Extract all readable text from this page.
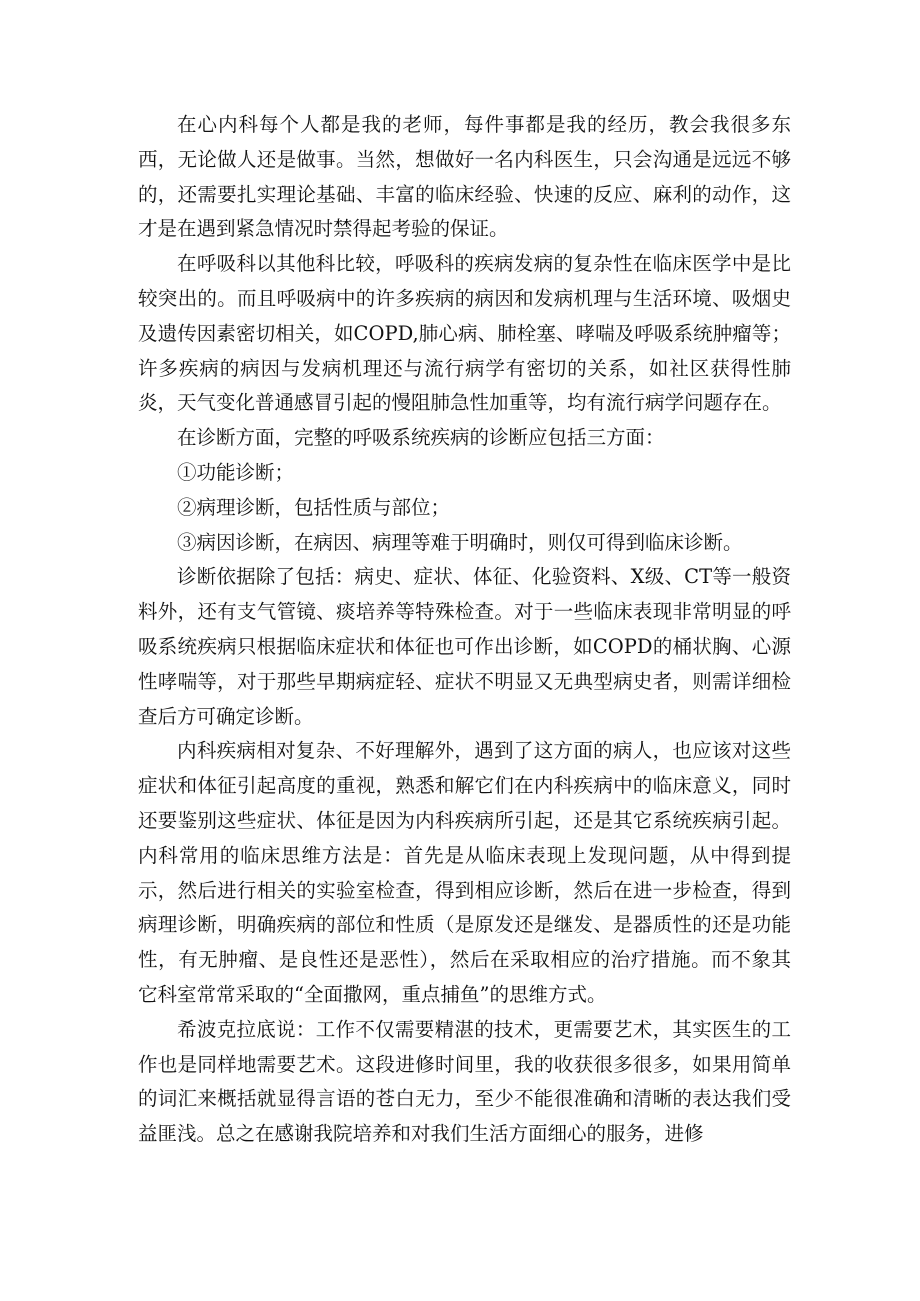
在心内科每个人都是我的老师，每件事都是我的经历，教会我很多东西，无论做人还是做事。当然，想做好一名内科医生，只会沟通是远远不够的，还需要扎实理论基础、丰富的临床经验、快速的反应、麻利的动作，这才是在遇到紧急情况时禁得起考验的保证。

在呼吸科以其他科比较，呼吸科的疾病发病的复杂性在临床医学中是比较突出的。而且呼吸病中的许多疾病的病因和发病机理与生活环境、吸烟史及遗传因素密切相关，如COPD,肺心病、肺栓塞、哮喘及呼吸系统肿瘤等；许多疾病的病因与发病机理还与流行病学有密切的关系，如社区获得性肺炎，天气变化普通感冒引起的慢阻肺急性加重等，均有流行病学问题存在。

在诊断方面，完整的呼吸系统疾病的诊断应包括三方面：

①功能诊断；

②病理诊断，包括性质与部位；

③病因诊断，在病因、病理等难于明确时，则仅可得到临床诊断。

诊断依据除了包括：病史、症状、体征、化验资料、X级、CT等一般资料外，还有支气管镜、痰培养等特殊检查。对于一些临床表现非常明显的呼吸系统疾病只根据临床症状和体征也可作出诊断，如COPD的桶状胸、心源性哮喘等，对于那些早期病症轻、症状不明显又无典型病史者，则需详细检查后方可确定诊断。

内科疾病相对复杂、不好理解外，遇到了这方面的病人，也应该对这些症状和体征引起高度的重视，熟悉和解它们在内科疾病中的临床意义，同时还要鉴别这些症状、体征是因为内科疾病所引起，还是其它系统疾病引起。内科常用的临床思维方法是：首先是从临床表现上发现问题，从中得到提示，然后进行相关的实验室检查，得到相应诊断，然后在进一步检查，得到病理诊断，明确疾病的部位和性质（是原发还是继发、是器质性的还是功能性，有无肿瘤、是良性还是恶性），然后在采取相应的治疗措施。而不象其它科室常常采取的“全面撒网，重点捕鱼”的思维方式。

希波克拉底说：工作不仅需要精湛的技术，更需要艺术，其实医生的工作也是同样地需要艺术。这段进修时间里，我的收获很多很多，如果用简单的词汇来概括就显得言语的苍白无力，至少不能很准确和清晰的表达我们受益匪浅。总之在感谢我院培养和对我们生活方面细心的服务，进修
